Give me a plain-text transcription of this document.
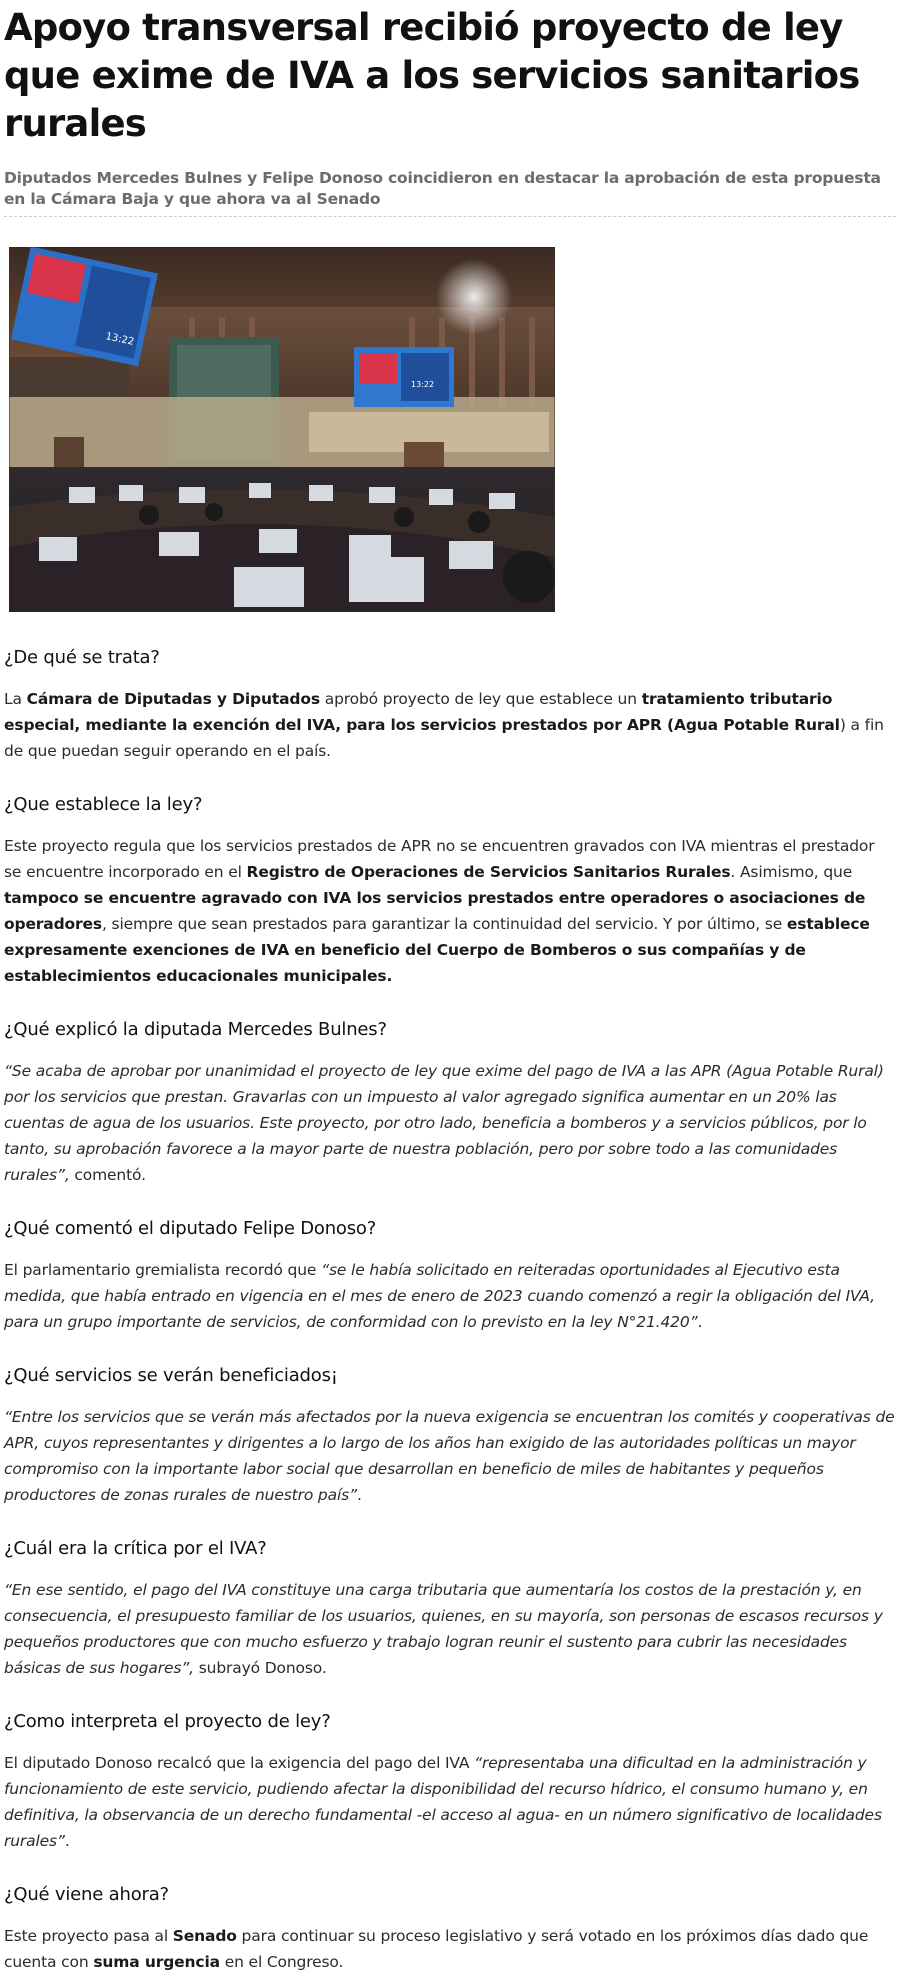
Apoyo transversal recibió proyecto de ley que exime de IVA a los servicios sanitarios rurales
Diputados Mercedes Bulnes y Felipe Donoso coincidieron en destacar la aprobación de esta propuesta en la Cámara Baja y que ahora va al Senado
13:22
13:22
¿De qué se trata?

La Cámara de Diputadas y Diputados aprobó proyecto de ley que establece un tratamiento tributario especial, mediante la exención del IVA, para los servicios prestados por APR (Agua Potable Rural) a fin de que puedan seguir operando en el país.

¿Que establece la ley?

Este proyecto regula que los servicios prestados de APR no se encuentren gravados con IVA mientras el prestador se encuentre incorporado en el Registro de Operaciones de Servicios Sanitarios Rurales. Asimismo, que tampoco se encuentre agravado con IVA los servicios prestados entre operadores o asociaciones de operadores, siempre que sean prestados para garantizar la continuidad del servicio. Y por último, se establece expresamente exenciones de IVA en beneficio del Cuerpo de Bomberos o sus compañías y de establecimientos educacionales municipales.

¿Qué explicó la diputada Mercedes Bulnes?

“Se acaba de aprobar por unanimidad el proyecto de ley que exime del pago de IVA a las APR (Agua Potable Rural) por los servicios que prestan. Gravarlas con un impuesto al valor agregado significa aumentar en un 20% las cuentas de agua de los usuarios. Este proyecto, por otro lado, beneficia a bomberos y a servicios públicos, por lo tanto, su aprobación favorece a la mayor parte de nuestra población, pero por sobre todo a las comunidades rurales”, comentó.

¿Qué comentó el diputado Felipe Donoso?

El parlamentario gremialista recordó que “se le había solicitado en reiteradas oportunidades al Ejecutivo esta medida, que había entrado en vigencia en el mes de enero de 2023 cuando comenzó a regir la obligación del IVA, para un grupo importante de servicios, de conformidad con lo previsto en la ley N°21.420”.

¿Qué servicios se verán beneficiados¡

“Entre los servicios que se verán más afectados por la nueva exigencia se encuentran los comités y cooperativas de APR, cuyos representantes y dirigentes a lo largo de los años han exigido de las autoridades políticas un mayor compromiso con la importante labor social que desarrollan en beneficio de miles de habitantes y pequeños productores de zonas rurales de nuestro país”.

¿Cuál era la crítica por el IVA?

“En ese sentido, el pago del IVA constituye una carga tributaria que aumentaría los costos de la prestación y, en consecuencia, el presupuesto familiar de los usuarios, quienes, en su mayoría, son personas de escasos recursos y pequeños productores que con mucho esfuerzo y trabajo logran reunir el sustento para cubrir las necesidades básicas de sus hogares”, subrayó Donoso.

¿Como interpreta el proyecto de ley?

El diputado Donoso recalcó que la exigencia del pago del IVA “representaba una dificultad en la administración y funcionamiento de este servicio, pudiendo afectar la disponibilidad del recurso hídrico, el consumo humano y, en definitiva, la observancia de un derecho fundamental -el acceso al agua- en un número significativo de localidades rurales”.

¿Qué viene ahora?

Este proyecto pasa al Senado para continuar su proceso legislativo y será votado en los próximos días dado que cuenta con suma urgencia en el Congreso.
